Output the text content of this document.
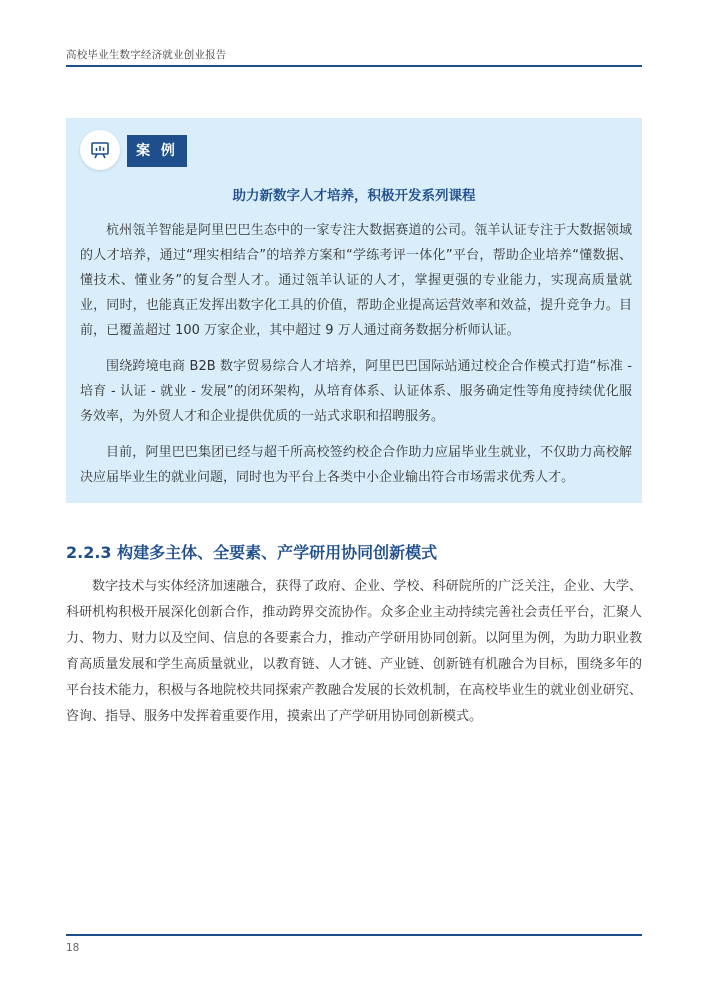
高校毕业生数字经济就业创业报告
案 例
助力新数字人才培养，积极开发系列课程

杭州瓴羊智能是阿里巴巴生态中的一家专注大数据赛道的公司。瓴羊认证专注于大数据领域的人才培养，通过“理实相结合”的培养方案和“学练考评一体化”平台，帮助企业培养“懂数据、懂技术、懂业务”的复合型人才。通过瓴羊认证的人才，掌握更强的专业能力，实现高质量就业，同时，也能真正发挥出数字化工具的价值，帮助企业提高运营效率和效益，提升竞争力。目前，已覆盖超过 100 万家企业，其中超过 9 万人通过商务数据分析师认证。

围绕跨境电商 B2B 数字贸易综合人才培养，阿里巴巴国际站通过校企合作模式打造“标准 - 培育 - 认证 - 就业 - 发展”的闭环架构，从培育体系、认证体系、服务确定性等角度持续优化服务效率，为外贸人才和企业提供优质的一站式求职和招聘服务。

目前，阿里巴巴集团已经与超千所高校签约校企合作助力应届毕业生就业，不仅助力高校解决应届毕业生的就业问题，同时也为平台上各类中小企业输出符合市场需求优秀人才。

2.2.3 构建多主体、全要素、产学研用协同创新模式

数字技术与实体经济加速融合，获得了政府、企业、学校、科研院所的广泛关注，企业、大学、科研机构积极开展深化创新合作，推动跨界交流协作。众多企业主动持续完善社会责任平台，汇聚人力、物力、财力以及空间、信息的各要素合力，推动产学研用协同创新。以阿里为例，为助力职业教育高质量发展和学生高质量就业，以教育链、人才链、产业链、创新链有机融合为目标，围绕多年的平台技术能力，积极与各地院校共同探索产教融合发展的长效机制，在高校毕业生的就业创业研究、咨询、指导、服务中发挥着重要作用，摸索出了产学研用协同创新模式。

18
